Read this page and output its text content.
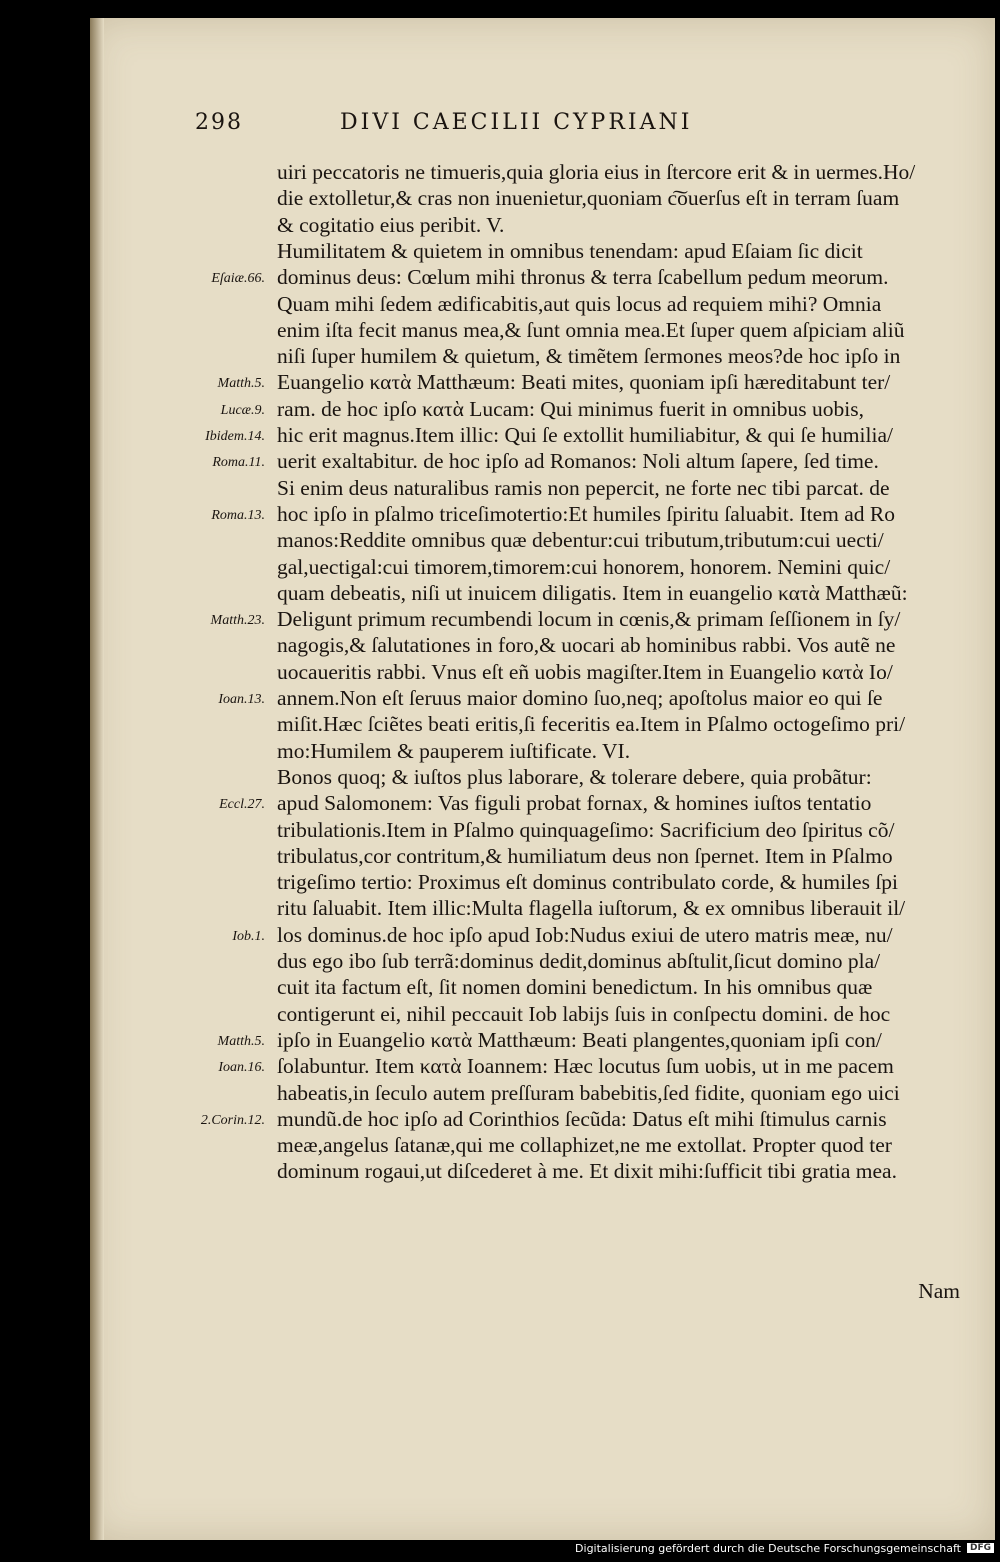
298	DIVI CAECILII CYPRIANI
uiri peccatoris ne timueris,quia gloria eius in ſtercore erit & in uermes.Ho/
die extolletur,& cras non inuenietur,quoniam c͠ouerſus eſt in terram ſuam
& cogitatio eius peribit. V.
Humilitatem & quietem in omnibus tenendam: apud Eſaiam ſic dicit
dominus deus: Cœlum mihi thronus & terra ſcabellum pedum meorum.
Quam mihi ſedem ædificabitis,aut quis locus ad requiem mihi? Omnia
enim iſta fecit manus mea,& ſunt omnia mea.Et ſuper quem aſpiciam aliũ
niſi ſuper humilem & quietum, & timẽtem ſermones meos?de hoc ipſo in
Euangelio κατὰ Matthæum: Beati mites, quoniam ipſi hæreditabunt ter/
ram. de hoc ipſo κατὰ Lucam: Qui minimus fuerit in omnibus uobis,
hic erit magnus.Item illic: Qui ſe extollit humiliabitur, & qui ſe humilia/
uerit exaltabitur. de hoc ipſo ad Romanos: Noli altum ſapere, ſed time.
Si enim deus naturalibus ramis non pepercit, ne forte nec tibi parcat. de
hoc ipſo in pſalmo triceſimotertio:Et humiles ſpiritu ſaluabit. Item ad Ro
manos:Reddite omnibus quæ debentur:cui tributum,tributum:cui uecti/
gal,uectigal:cui timorem,timorem:cui honorem, honorem. Nemini quic/
quam debeatis, niſi ut inuicem diligatis. Item in euangelio κατὰ Matthæũ:
Deligunt primum recumbendi locum in cœnis,& primam ſeſſionem in ſy/
nagogis,& ſalutationes in foro,& uocari ab hominibus rabbi. Vos autẽ ne
uocaueritis rabbi. Vnus eſt eñ uobis magiſter.Item in Euangelio κατὰ Io/
annem.Non eſt ſeruus maior domino ſuo,neq; apoſtolus maior eo qui ſe
miſit.Hæc ſciẽtes beati eritis,ſi feceritis ea.Item in Pſalmo octogeſimo pri/
mo:Humilem & pauperem iuſtificate. VI.
Bonos quoq; & iuſtos plus laborare, & tolerare debere, quia probãtur:
apud Salomonem: Vas figuli probat fornax, & homines iuſtos tentatio
tribulationis.Item in Pſalmo quinquageſimo: Sacrificium deo ſpiritus cõ/
tribulatus,cor contritum,& humiliatum deus non ſpernet. Item in Pſalmo
trigeſimo tertio: Proximus eſt dominus contribulato corde, & humiles ſpi
ritu ſaluabit. Item illic:Multa flagella iuſtorum, & ex omnibus liberauit il/
los dominus.de hoc ipſo apud Iob:Nudus exiui de utero matris meæ, nu/
dus ego ibo ſub terrã:dominus dedit,dominus abſtulit,ſicut domino pla/
cuit ita factum eſt, ſit nomen domini benedictum. In his omnibus quæ
contigerunt ei, nihil peccauit Iob labijs ſuis in conſpectu domini. de hoc
ipſo in Euangelio κατὰ Matthæum: Beati plangentes,quoniam ipſi con/
ſolabuntur. Item κατὰ Ioannem: Hæc locutus ſum uobis, ut in me pacem
habeatis,in ſeculo autem preſſuram babebitis,ſed fidite, quoniam ego uici
mundũ.de hoc ipſo ad Corinthios ſecũda: Datus eſt mihi ſtimulus carnis
meæ,angelus ſatanæ,qui me collaphizet,ne me extollat. Propter quod ter
dominum rogaui,ut diſcederet à me. Et dixit mihi:ſufficit tibi gratia mea.
Eſaiæ.66.
Matth.5.
Lucæ.9.
Ibidem.14.
Roma.11.
Roma.13.
Matth.23.
Ioan.13.
Eccl.27.
Iob.1.
Matth.5.
Ioan.16.
2.Corin.12.
Nam
Digitalisierung gefördert durch die Deutsche Forschungsgemeinschaft	DFG
